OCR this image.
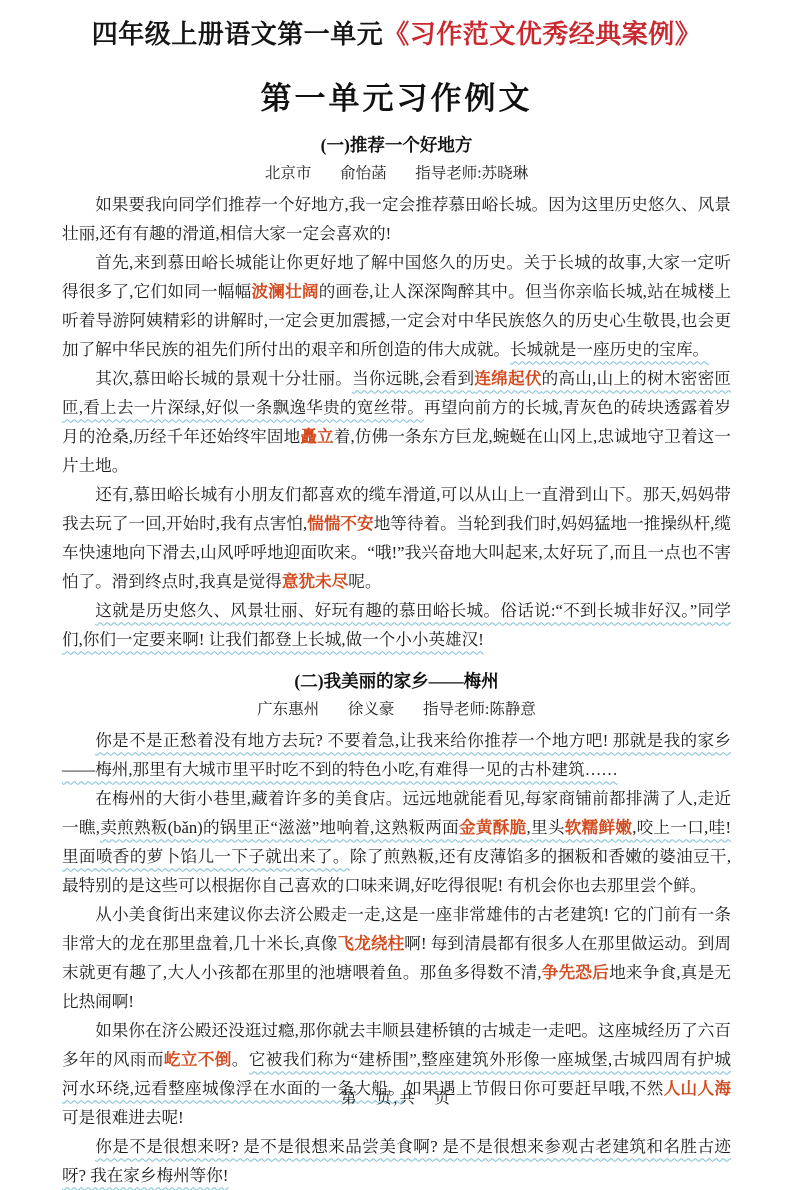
四年级上册语文第一单元《习作范文优秀经典案例》
第一单元习作例文
(一)推荐一个好地方
北京市 俞怡菡 指导老师:苏晓琳

如果要我向同学们推荐一个好地方,我一定会推荐慕田峪长城。因为这里历史悠久、风景壮丽,还有有趣的滑道,相信大家一定会喜欢的!

首先,来到慕田峪长城能让你更好地了解中国悠久的历史。关于长城的故事,大家一定听得很多了,它们如同一幅幅波澜壮阔的画卷,让人深深陶醉其中。但当你亲临长城,站在城楼上听着导游阿姨精彩的讲解时,一定会更加震撼,一定会对中华民族悠久的历史心生敬畏,也会更加了解中华民族的祖先们所付出的艰辛和所创造的伟大成就。长城就是一座历史的宝库。

其次,慕田峪长城的景观十分壮丽。当你远眺,会看到连绵起伏的高山,山上的树木密密匝匝,看上去一片深绿,好似一条飘逸华贵的宽丝带。再望向前方的长城,青灰色的砖块透露着岁月的沧桑,历经千年还始终牢固地矗立着,仿佛一条东方巨龙,蜿蜒在山冈上,忠诚地守卫着这一片土地。

还有,慕田峪长城有小朋友们都喜欢的缆车滑道,可以从山上一直滑到山下。那天,妈妈带我去玩了一回,开始时,我有点害怕,惴惴不安地等待着。当轮到我们时,妈妈猛地一推操纵杆,缆车快速地向下滑去,山风呼呼地迎面吹来。“哦!”我兴奋地大叫起来,太好玩了,而且一点也不害怕了。滑到终点时,我真是觉得意犹未尽呢。

这就是历史悠久、风景壮丽、好玩有趣的慕田峪长城。俗话说:“不到长城非好汉。”同学们,你们一定要来啊! 让我们都登上长城,做一个小小英雄汉!

(二)我美丽的家乡——梅州
广东惠州 徐义豪 指导老师:陈静意

你是不是正愁着没有地方去玩? 不要着急,让我来给你推荐一个地方吧! 那就是我的家乡——梅州,那里有大城市里平时吃不到的特色小吃,有难得一见的古朴建筑……

在梅州的大街小巷里,藏着许多的美食店。远远地就能看见,每家商铺前都排满了人,走近一瞧,卖煎熟粄(bǎn)的锅里正“滋滋”地响着,这熟粄两面金黄酥脆,里头软糯鲜嫩,咬上一口,哇! 里面喷香的萝卜馅儿一下子就出来了。除了煎熟粄,还有皮薄馅多的捆粄和香嫩的婆油豆干,最特别的是这些可以根据你自己喜欢的口味来调,好吃得很呢! 有机会你也去那里尝个鲜。

从小美食街出来建议你去济公殿走一走,这是一座非常雄伟的古老建筑! 它的门前有一条非常大的龙在那里盘着,几十米长,真像飞龙绕柱啊! 每到清晨都有很多人在那里做运动。到周末就更有趣了,大人小孩都在那里的池塘喂着鱼。那鱼多得数不清,争先恐后地来争食,真是无比热闹啊!

如果你在济公殿还没逛过瘾,那你就去丰顺县建桥镇的古城走一走吧。这座城经历了六百多年的风雨而屹立不倒。它被我们称为“建桥围”,整座建筑外形像一座城堡,古城四周有护城河水环绕,远看整座城像浮在水面的一条大船。如果遇上节假日你可要赶早哦,不然人山人海可是很难进去呢!

你是不是很想来呀? 是不是很想来品尝美食啊? 是不是很想来参观古老建筑和名胜古迹呀? 我在家乡梅州等你!

第　页,共　页
